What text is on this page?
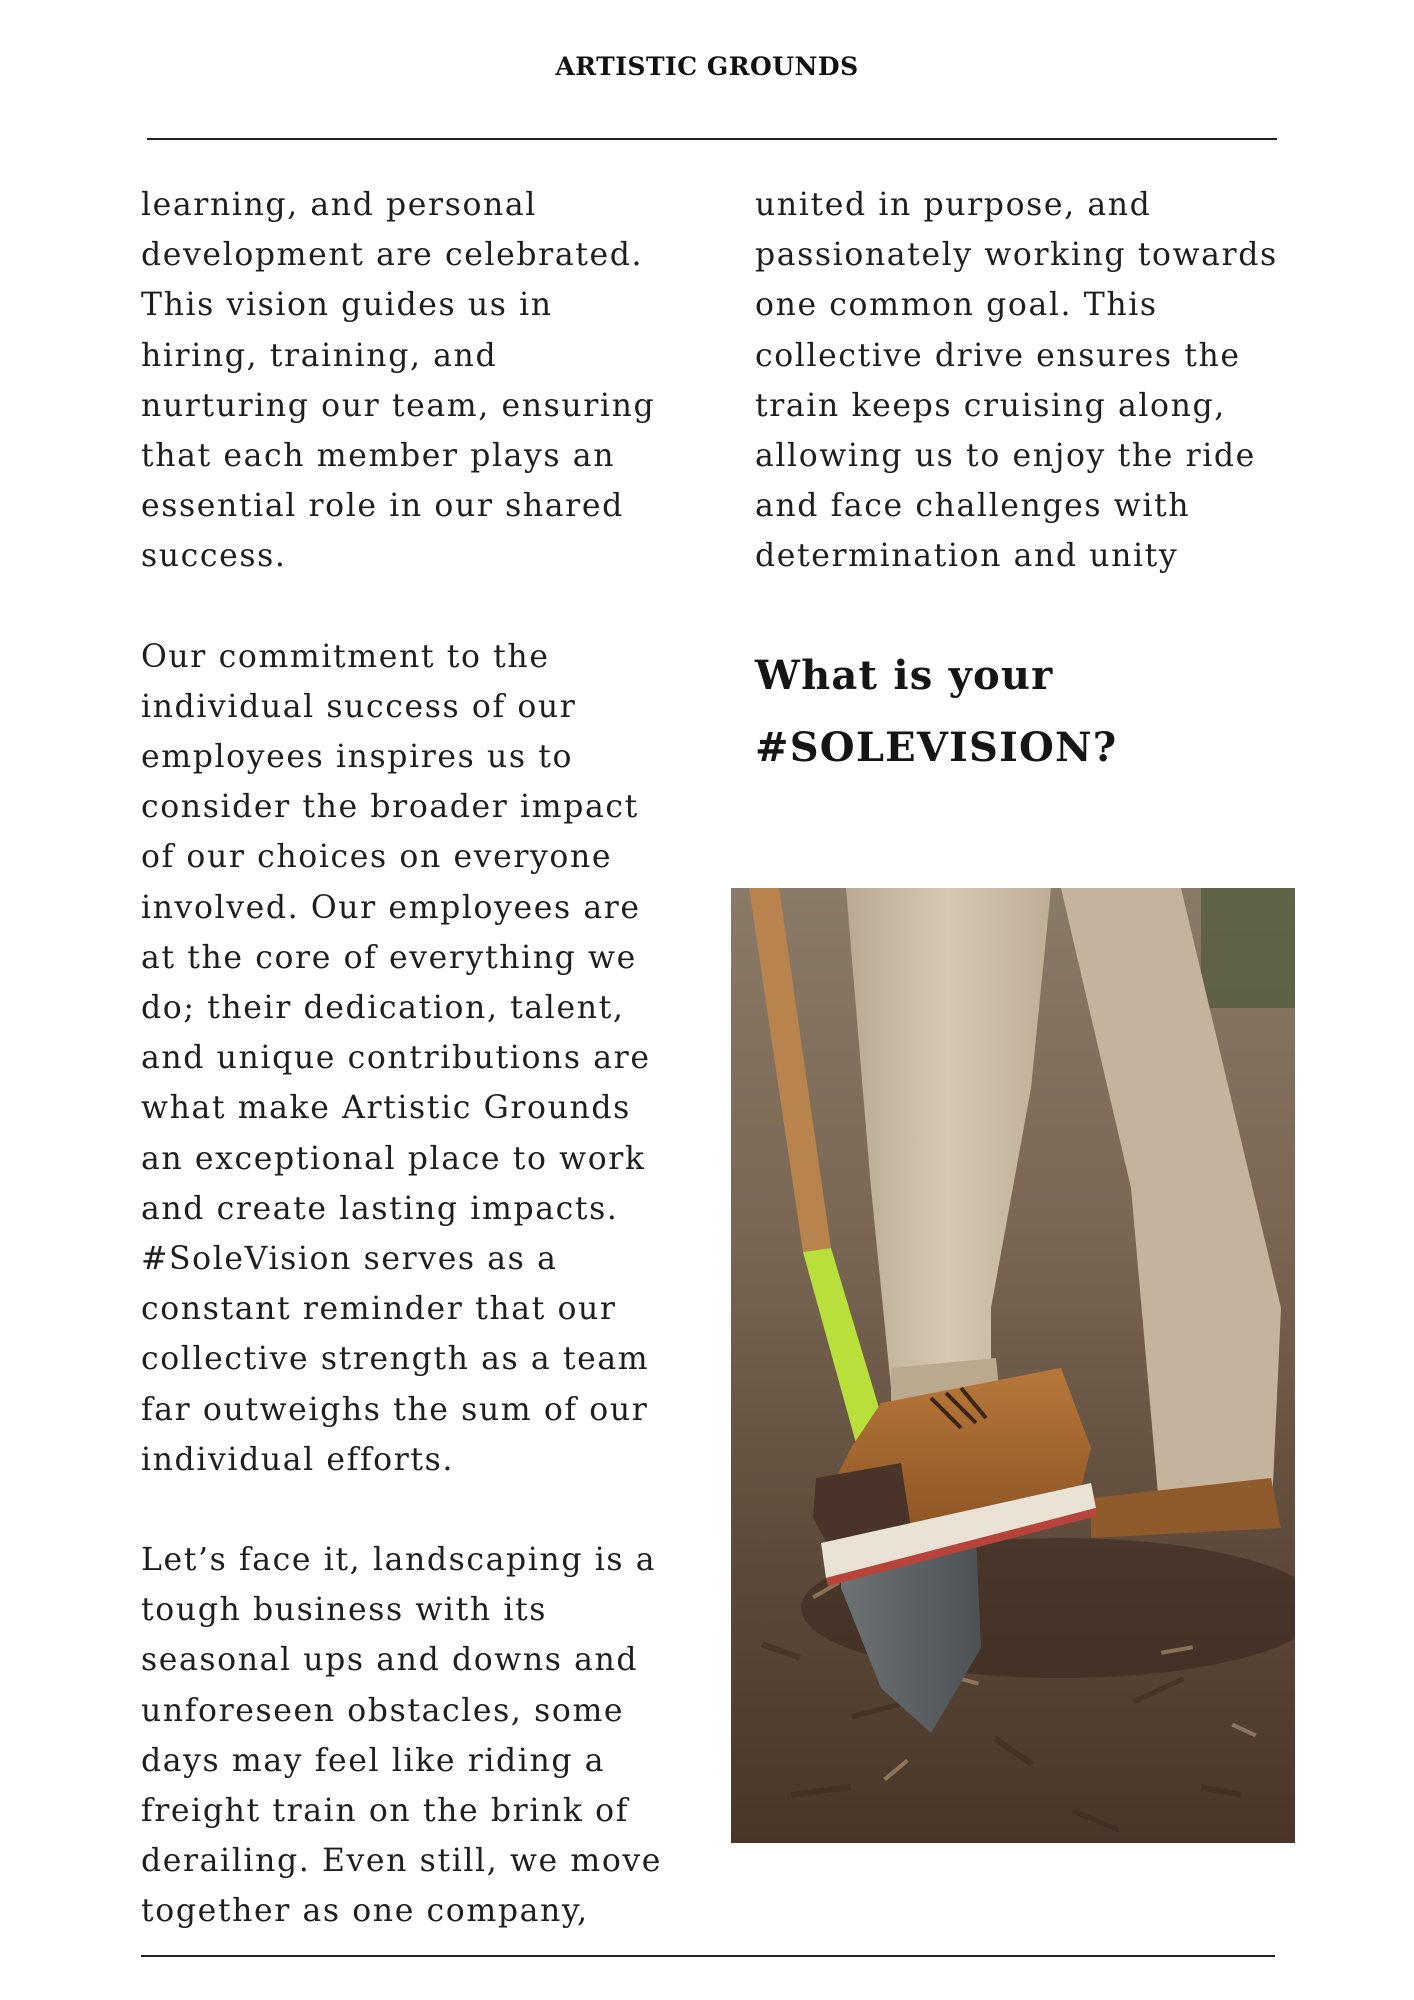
ARTISTIC GROUNDS
learning, and personal
development are celebrated.
This vision guides us in
hiring, training, and
nurturing our team, ensuring
that each member plays an
essential role in our shared
success.
Our commitment to the
individual success of our
employees inspires us to
consider the broader impact
of our choices on everyone
involved. Our employees are
at the core of everything we
do; their dedication, talent,
and unique contributions are
what make Artistic Grounds
an exceptional place to work
and create lasting impacts.
#SoleVision serves as a
constant reminder that our
collective strength as a team
far outweighs the sum of our
individual efforts.
Let’s face it, landscaping is a
tough business with its
seasonal ups and downs and
unforeseen obstacles, some
days may feel like riding a
freight train on the brink of
derailing. Even still, we move
together as one company,
united in purpose, and
passionately working towards
one common goal. This
collective drive ensures the
train keeps cruising along,
allowing us to enjoy the ride
and face challenges with
determination and unity
What is your
#SOLEVISION?
